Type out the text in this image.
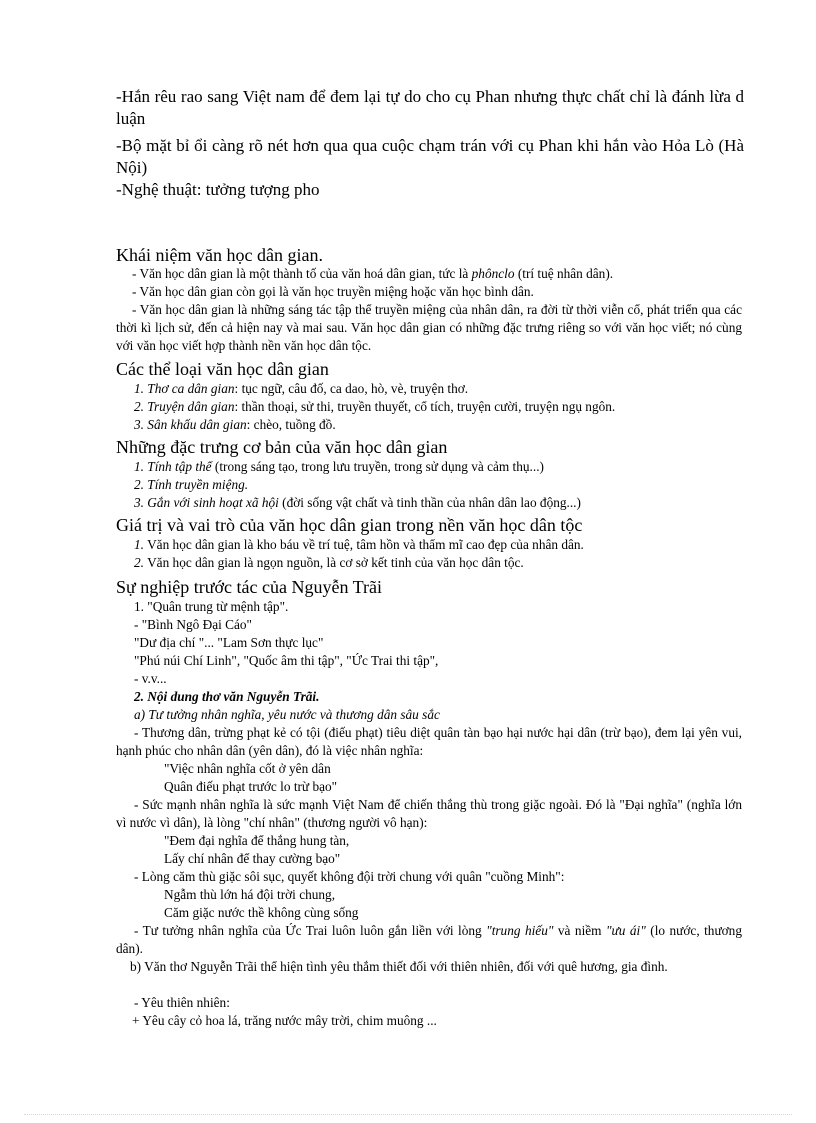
-Hắn rêu rao sang Việt nam để đem lại tự do cho cụ Phan nhưng thực chất chỉ là đánh lừa d luận

-Bộ mặt bỉ ổi càng rõ nét hơn qua qua cuộc chạm trán với cụ Phan khi hắn vào Hỏa Lò (Hà Nội)

-Nghệ thuật: tưởng tượng pho

Khái niệm văn học dân gian.

- Văn học dân gian là một thành tố của văn hoá dân gian, tức là phônclo (trí tuệ nhân dân).

- Văn học dân gian còn gọi là văn học truyền miệng hoặc văn học bình dân.

- Văn học dân gian là những sáng tác tập thể truyền miệng của nhân dân, ra đời từ thời viễn cổ, phát triển qua các thời kì lịch sử, đến cả hiện nay và mai sau. Văn học dân gian có những đặc trưng riêng so với văn học viết; nó cùng với văn học viết hợp thành nền văn học dân tộc.

Các thể loại văn học dân gian

1. Thơ ca dân gian: tục ngữ, câu đố, ca dao, hò, vè, truyện thơ.

2. Truyện dân gian: thần thoại, sử thi, truyền thuyết, cổ tích, truyện cười, truyện ngụ ngôn.

3. Sân khấu dân gian: chèo, tuồng đồ.

Những đặc trưng cơ bản của văn học dân gian

1. Tính tập thể (trong sáng tạo, trong lưu truyền, trong sử dụng và cảm thụ...)

2. Tính truyền miệng.

3. Gắn với sinh hoạt xã hội (đời sống vật chất và tinh thần của nhân dân lao động...)

Giá trị và vai trò của văn học dân gian trong nền văn học dân tộc

1. Văn học dân gian là kho báu về trí tuệ, tâm hồn và thẩm mĩ cao đẹp của nhân dân.

2. Văn học dân gian là ngọn nguồn, là cơ sở kết tinh của văn học dân tộc.

Sự nghiệp trước tác của Nguyễn Trãi

1. "Quân trung từ mệnh tập".

- "Bình Ngô Đại Cáo"

"Dư địa chí "... "Lam Sơn thực lục"

"Phú núi Chí Linh", "Quốc âm thi tập", "Ức Trai thi tập",

- v.v...

2. Nội dung thơ văn Nguyễn Trãi.

a) Tư tưởng nhân nghĩa, yêu nước và thương dân sâu sắc

- Thương dân, trừng phạt kẻ có tội (điếu phạt) tiêu diệt quân tàn bạo hại nước hại dân (trừ bạo), đem lại yên vui, hạnh phúc cho nhân dân (yên dân), đó là việc nhân nghĩa:

"Việc nhân nghĩa cốt ở yên dân

Quân điếu phạt trước lo trừ bạo"

- Sức mạnh nhân nghĩa là sức mạnh Việt Nam để chiến thắng thù trong giặc ngoài. Đó là "Đại nghĩa" (nghĩa lớn vì nước vì dân), là lòng "chí nhân" (thương người vô hạn):

"Đem đại nghĩa để thắng hung tàn,

Lấy chí nhân để thay cường bạo"

- Lòng căm thù giặc sôi sục, quyết không đội trời chung với quân "cuồng Minh":

Ngẫm thù lớn há đội trời chung,

Căm giặc nước thề không cùng sống

- Tư tưởng nhân nghĩa của Ức Trai luôn luôn gắn liền với lòng "trung hiếu" và niềm "ưu ái" (lo nước, thương dân).

b) Văn thơ Nguyễn Trãi thể hiện tình yêu thắm thiết đối với thiên nhiên, đối với quê hương, gia đình.

- Yêu thiên nhiên:

+ Yêu cây cỏ hoa lá, trăng nước mây trời, chim muông ...
